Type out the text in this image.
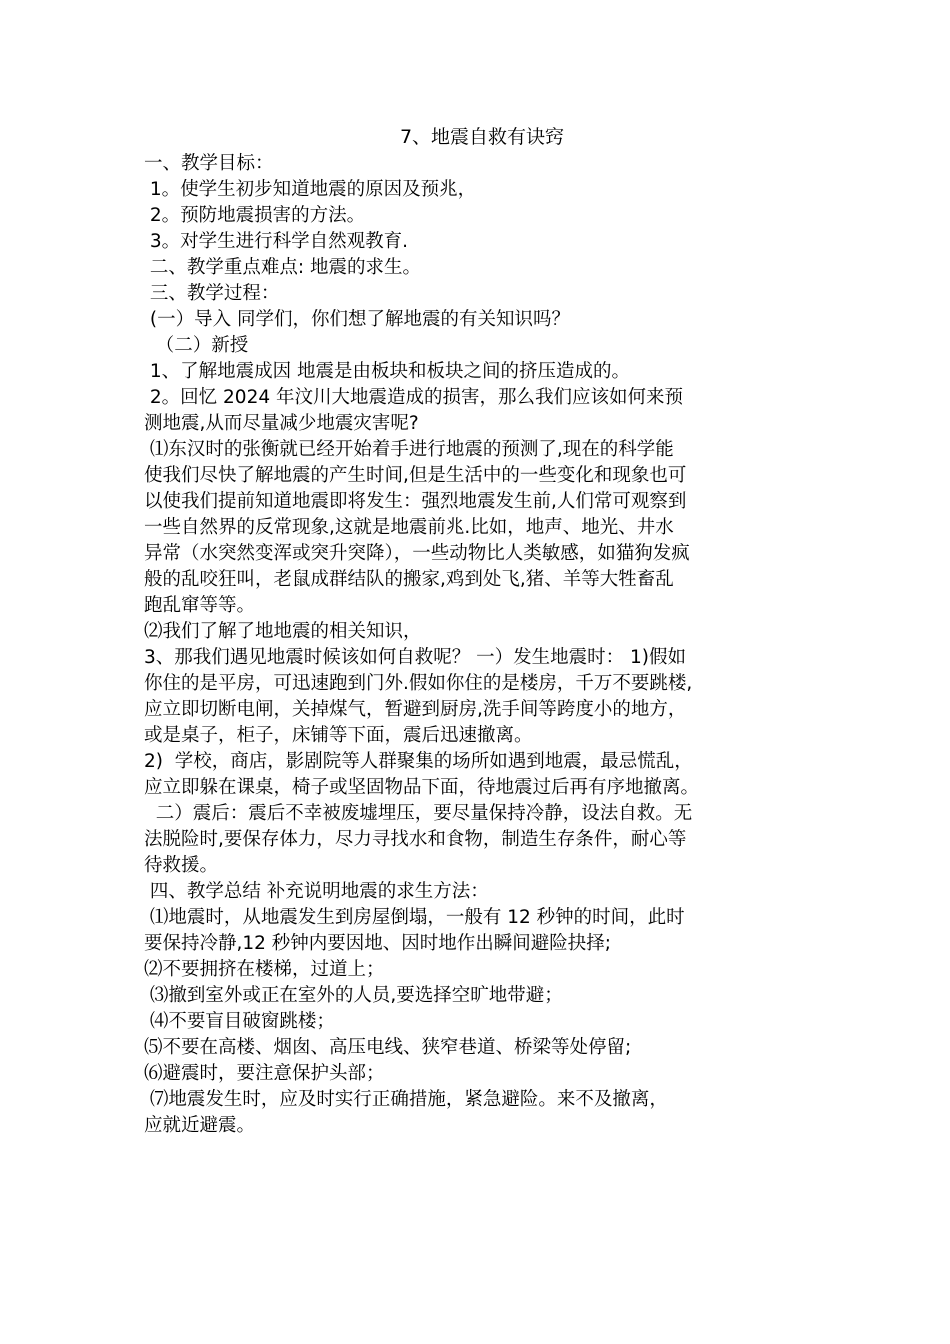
7、地震自救有诀窍
一、教学目标：
1。使学生初步知道地震的原因及预兆，
2。预防地震损害的方法。
3。对学生进行科学自然观教育.
二、教学重点难点: 地震的求生。
三、教学过程：
(一）导入 同学们，你们想了解地震的有关知识吗？
（二）新授
1、了解地震成因 地震是由板块和板块之间的挤压造成的。
2。回忆 2024 年汶川大地震造成的损害，那么我们应该如何来预
测地震,从而尽量减少地震灾害呢?
⑴东汉时的张衡就已经开始着手进行地震的预测了,现在的科学能
使我们尽快了解地震的产生时间,但是生活中的一些变化和现象也可
以使我们提前知道地震即将发生：强烈地震发生前,人们常可观察到
一些自然界的反常现象,这就是地震前兆.比如，地声、地光、井水
异常（水突然变浑或突升突降），一些动物比人类敏感，如猫狗发疯
般的乱咬狂叫，老鼠成群结队的搬家,鸡到处飞,猪、羊等大牲畜乱
跑乱窜等等。
⑵我们了解了地地震的相关知识，
3、那我们遇见地震时候该如何自救呢？ 一）发生地震时： 1)假如
你住的是平房，可迅速跑到门外.假如你住的是楼房，千万不要跳楼,
应立即切断电闸，关掉煤气，暂避到厨房,洗手间等跨度小的地方，
或是桌子，柜子，床铺等下面，震后迅速撤离。
2)  学校，商店，影剧院等人群聚集的场所如遇到地震，最忌慌乱，
应立即躲在课桌，椅子或坚固物品下面，待地震过后再有序地撤离。
二）震后：震后不幸被废墟埋压，要尽量保持冷静，设法自救。无
法脱险时,要保存体力，尽力寻找水和食物，制造生存条件，耐心等
待救援。
四、教学总结 补充说明地震的求生方法：
⑴地震时，从地震发生到房屋倒塌，一般有 12 秒钟的时间，此时
要保持冷静,12 秒钟内要因地、因时地作出瞬间避险抉择;
⑵不要拥挤在楼梯，过道上；
⑶撤到室外或正在室外的人员,要选择空旷地带避；
⑷不要盲目破窗跳楼；
⑸不要在高楼、烟囱、高压电线、狭窄巷道、桥梁等处停留;
⑹避震时，要注意保护头部；
⑺地震发生时，应及时实行正确措施，紧急避险。来不及撤离，
应就近避震。
